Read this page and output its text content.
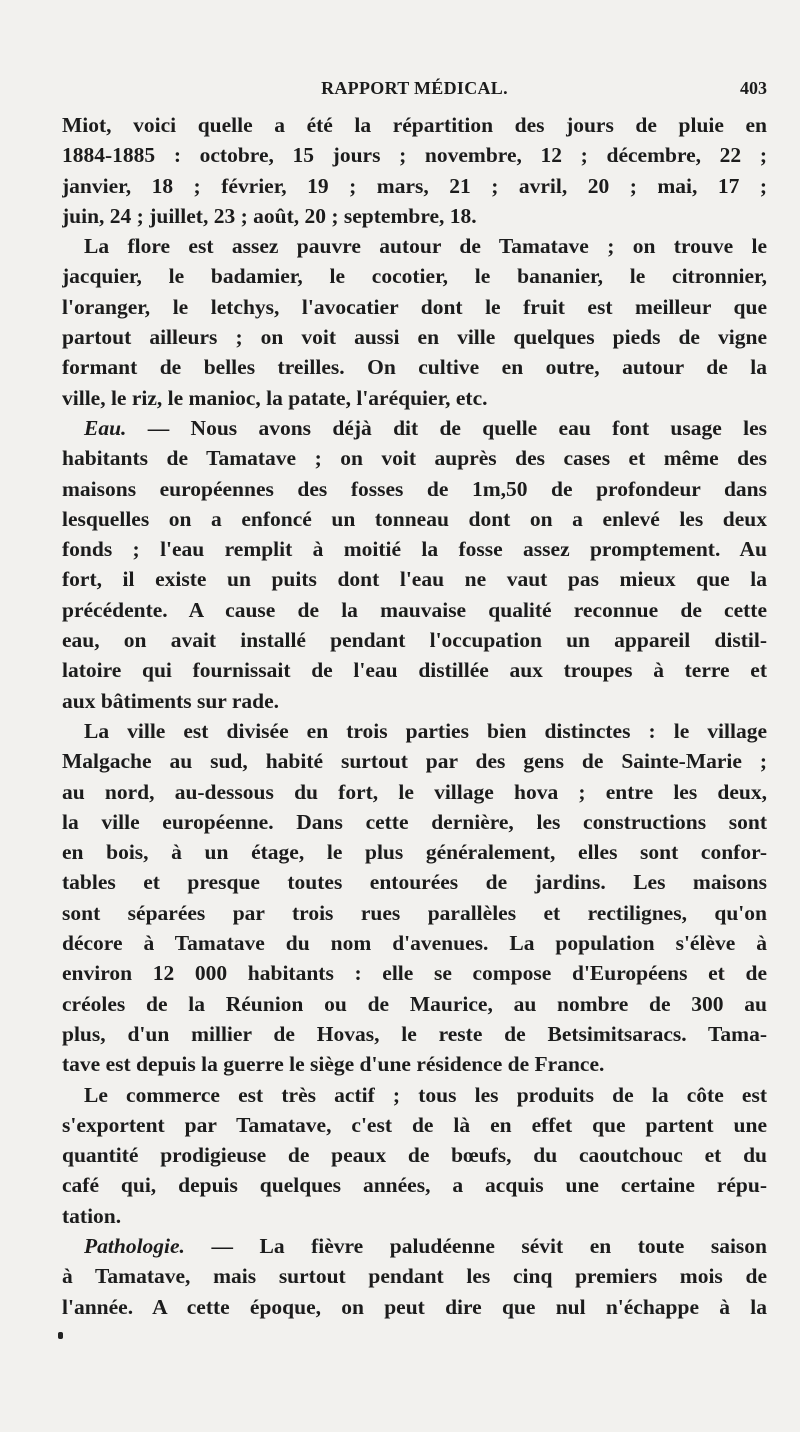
RAPPORT MÉDICAL.	403
Miot, voici quelle a été la répartition des jours de pluie en
1884-1885 : octobre, 15 jours ; novembre, 12 ; décembre, 22 ;
janvier, 18 ; février, 19 ; mars, 21 ; avril, 20 ; mai, 17 ;
juin, 24 ; juillet, 23 ; août, 20 ; septembre, 18.
La flore est assez pauvre autour de Tamatave ; on trouve le
jacquier, le badamier, le cocotier, le bananier, le citronnier,
l'oranger, le letchys, l'avocatier dont le fruit est meilleur que
partout ailleurs ; on voit aussi en ville quelques pieds de vigne
formant de belles treilles. On cultive en outre, autour de la
ville, le riz, le manioc, la patate, l'aréquier, etc.
Eau. — Nous avons déjà dit de quelle eau font usage les
habitants de Tamatave ; on voit auprès des cases et même des
maisons européennes des fosses de 1m,50 de profondeur dans
lesquelles on a enfoncé un tonneau dont on a enlevé les deux
fonds ; l'eau remplit à moitié la fosse assez promptement. Au
fort, il existe un puits dont l'eau ne vaut pas mieux que la
précédente. A cause de la mauvaise qualité reconnue de cette
eau, on avait installé pendant l'occupation un appareil distil-
latoire qui fournissait de l'eau distillée aux troupes à terre et
aux bâtiments sur rade.
La ville est divisée en trois parties bien distinctes : le village
Malgache au sud, habité surtout par des gens de Sainte-Marie ;
au nord, au-dessous du fort, le village hova ; entre les deux,
la ville européenne. Dans cette dernière, les constructions sont
en bois, à un étage, le plus généralement, elles sont confor-
tables et presque toutes entourées de jardins. Les maisons
sont séparées par trois rues parallèles et rectilignes, qu'on
décore à Tamatave du nom d'avenues. La population s'élève à
environ 12 000 habitants : elle se compose d'Européens et de
créoles de la Réunion ou de Maurice, au nombre de 300 au
plus, d'un millier de Hovas, le reste de Betsimitsaracs. Tama-
tave est depuis la guerre le siège d'une résidence de France.
Le commerce est très actif ; tous les produits de la côte est
s'exportent par Tamatave, c'est de là en effet que partent une
quantité prodigieuse de peaux de bœufs, du caoutchouc et du
café qui, depuis quelques années, a acquis une certaine répu-
tation.
Pathologie. — La fièvre paludéenne sévit en toute saison
à Tamatave, mais surtout pendant les cinq premiers mois de
l'année. A cette époque, on peut dire que nul n'échappe à la
